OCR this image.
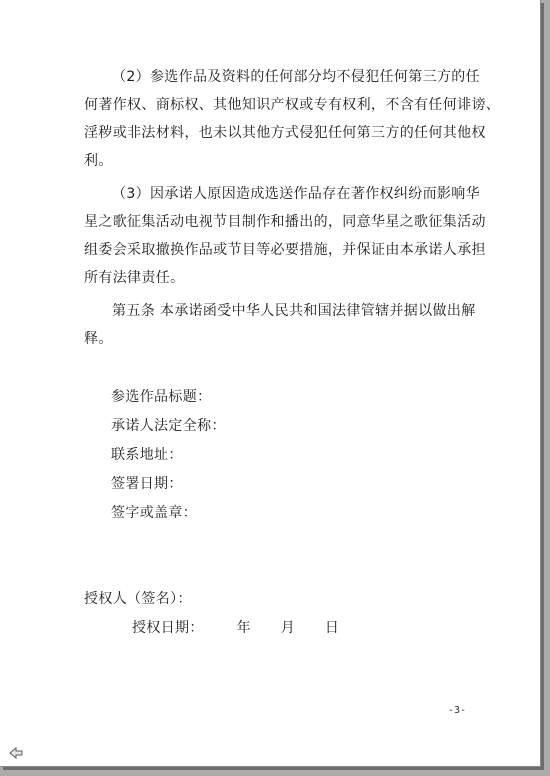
（2）参选作品及资料的任何部分均不侵犯任何第三方的任
何著作权、商标权、其他知识产权或专有权利，不含有任何诽谤、
淫秽或非法材料，也未以其他方式侵犯任何第三方的任何其他权
利。
（3）因承诺人原因造成选送作品存在著作权纠纷而影响华
星之歌征集活动电视节目制作和播出的，同意华星之歌征集活动
组委会采取撤换作品或节目等必要措施，并保证由本承诺人承担
所有法律责任。
第五条 本承诺函受中华人民共和国法律管辖并据以做出解
释。
参选作品标题：
承诺人法定全称：
联系地址：
签署日期：
签字或盖章：
授权人（签名）：
授权日期： 年 月 日
-3-
